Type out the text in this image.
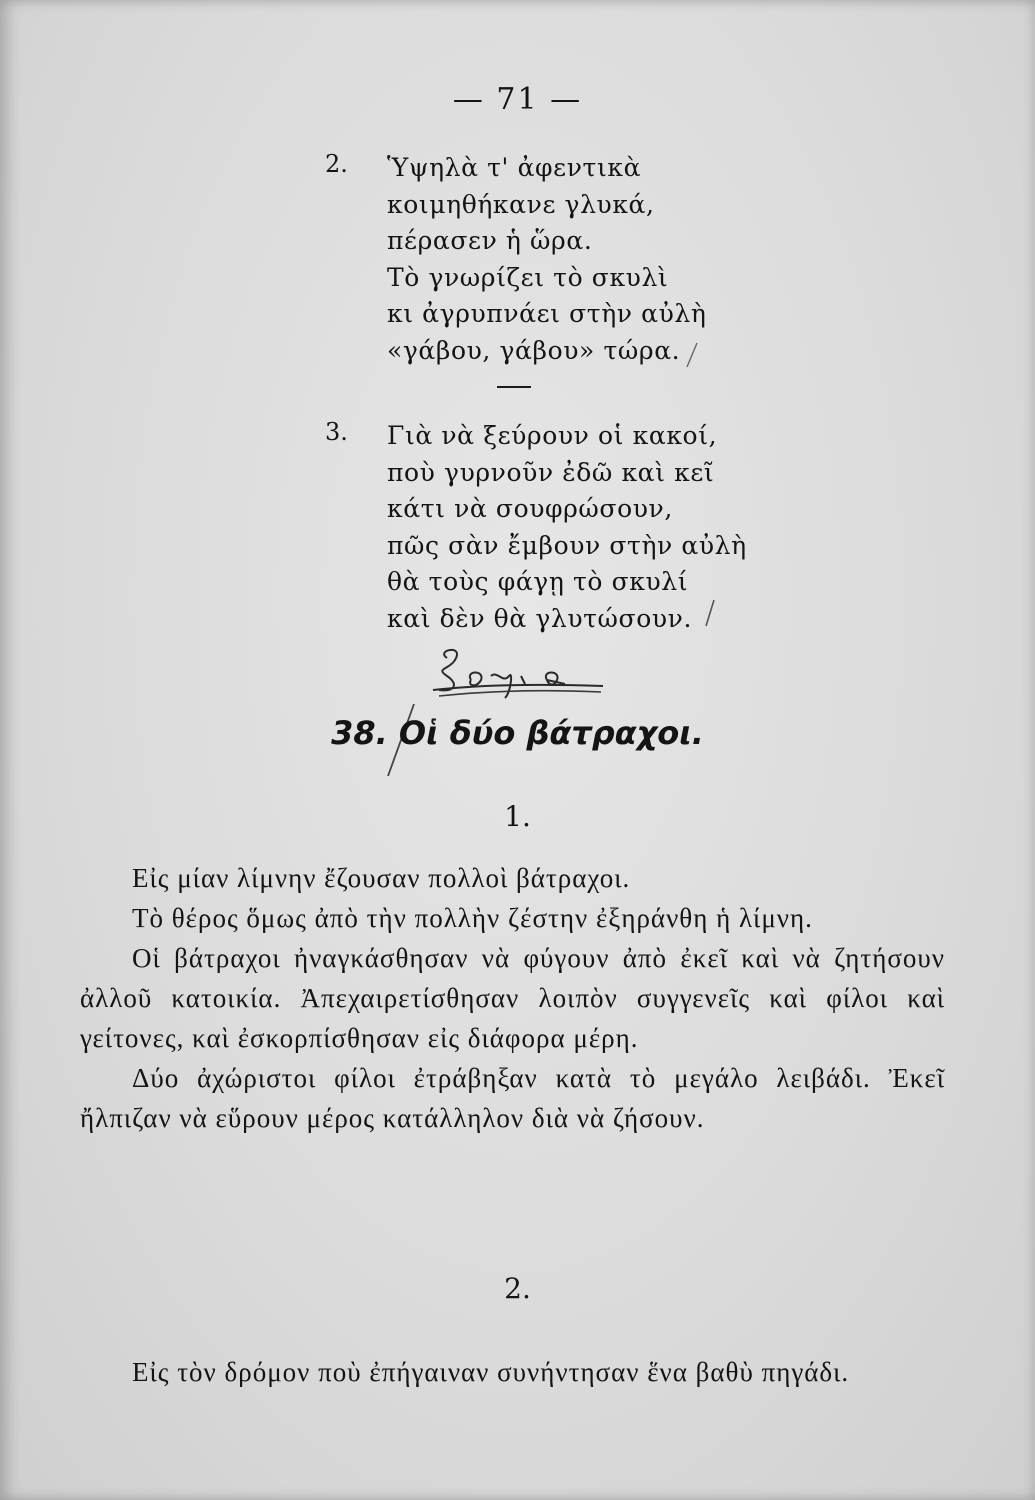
— 71 —
2. Ὑψηλὰ τ' ἀφεντικὰ
κοιμηθήκανε γλυκά,
πέρασεν ἡ ὥρα.
Τὸ γνωρίζει τὸ σκυλὶ
κι ἀγρυπνάει στὴν αὐλὴ
«γάβου, γάβου» τώρα.
3. Γιὰ νὰ ξεύρουν οἱ κακοί,
ποὺ γυρνοῦν ἐδῶ καὶ κεῖ
κάτι νὰ σουφρώσουν,
πῶς σὰν ἔμβουν στὴν αὐλὴ
θὰ τοὺς φάγῃ τὸ σκυλί
καὶ δὲν θὰ γλυτώσουν.
38. Οἱ δύο βάτραχοι.
1.

Εἰς μίαν λίμνην ἔζουσαν πολλοὶ βάτραχοι.

Τὸ θέρος ὅμως ἀπὸ τὴν πολλὴν ζέστην ἐξηράνθη ἡ λίμνη.

Οἱ βάτραχοι ἠναγκάσθησαν νὰ φύγουν ἀπὸ ἐκεῖ καὶ νὰ ζητήσουν ἀλλοῦ κατοικία. Ἀπεχαιρετίσθησαν λοιπὸν συγγενεῖς καὶ φίλοι καὶ γείτονες, καὶ ἐσκορπίσθησαν εἰς διάφορα μέρη.

Δύο ἀχώριστοι φίλοι ἐτράβηξαν κατὰ τὸ μεγάλο λειβάδι. Ἐκεῖ ἤλπιζαν νὰ εὕρουν μέρος κατάλληλον διὰ νὰ ζήσουν.

2.

Εἰς τὸν δρόμον ποὺ ἐπήγαιναν συνήντησαν ἕνα βαθὺ πηγάδι.
